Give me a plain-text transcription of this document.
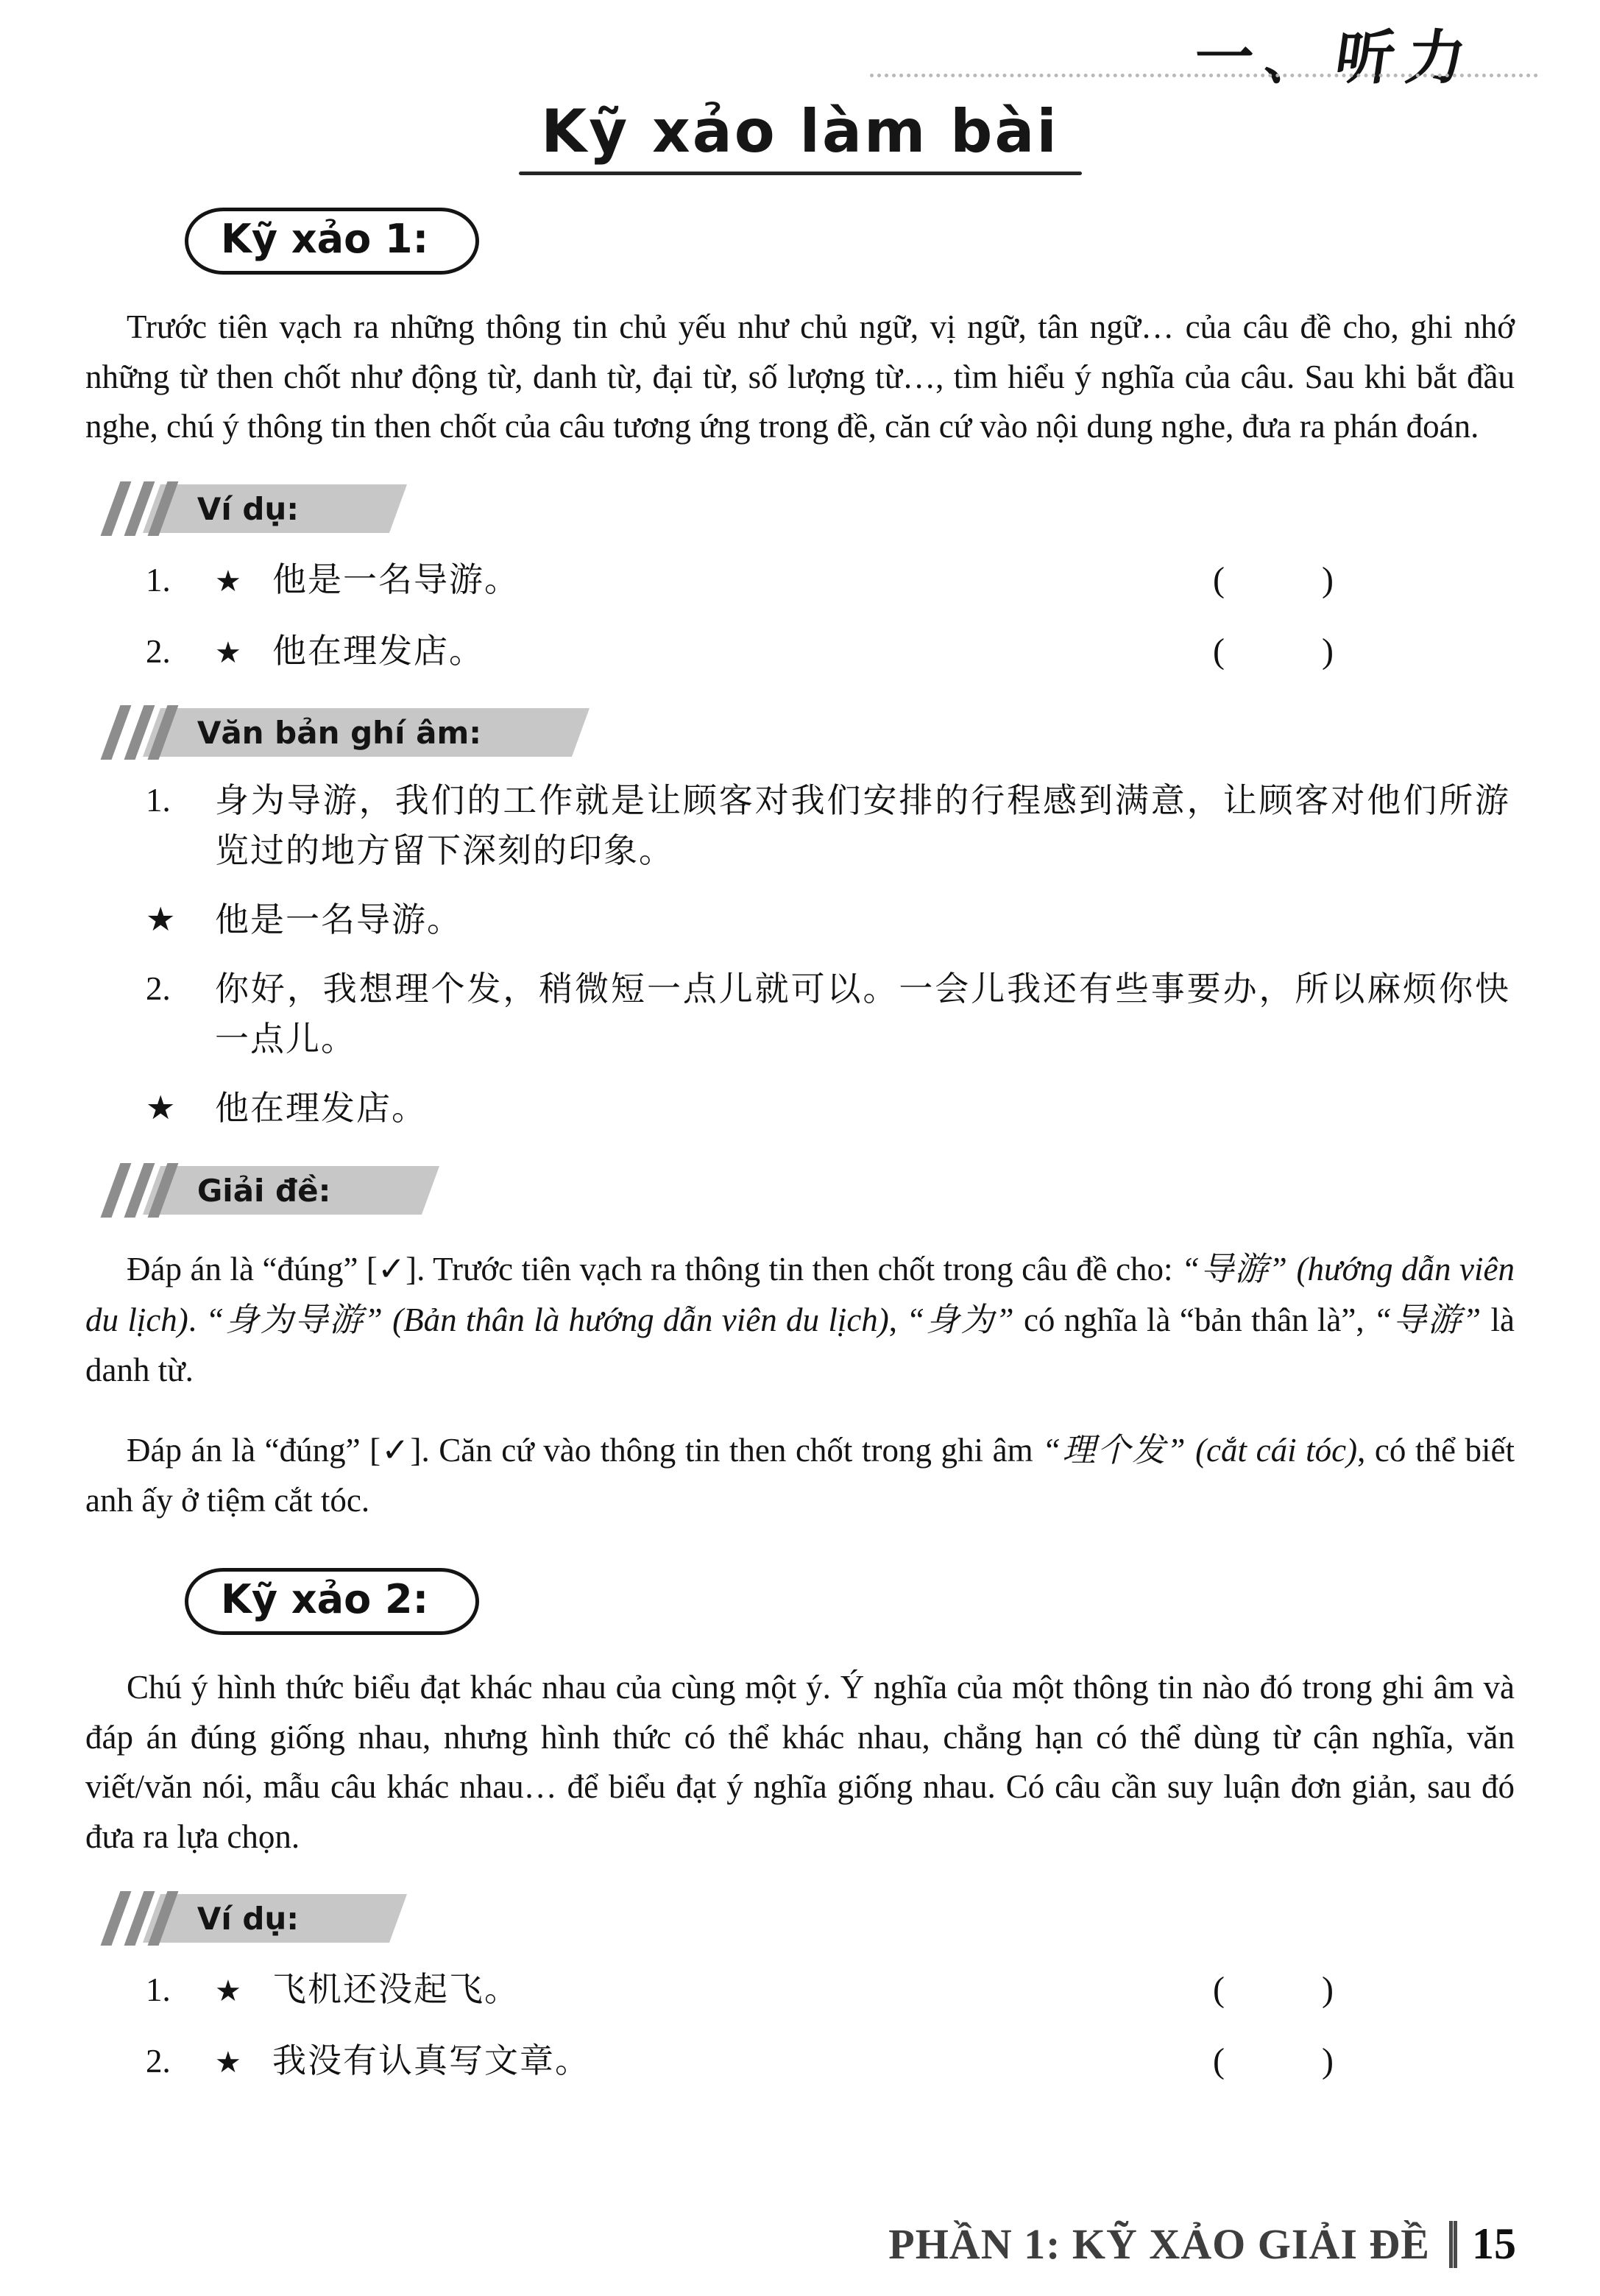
一、听力
Kỹ xảo làm bài
Kỹ xảo 1:

Trước tiên vạch ra những thông tin chủ yếu như chủ ngữ, vị ngữ, tân ngữ… của câu đề cho, ghi nhớ những từ then chốt như động từ, danh từ, đại từ, số lượng từ…, tìm hiểu ý nghĩa của câu. Sau khi bắt đầu nghe, chú ý thông tin then chốt của câu tương ứng trong đề, căn cứ vào nội dung nghe, đưa ra phán đoán.

Ví dụ:
1.	★ 他是一名导游。	(        )
2.	★ 他在理发店。	(        )
Văn bản ghí âm:
1.	身为导游，我们的工作就是让顾客对我们安排的行程感到满意，让顾客对他们所游览过的地方留下深刻的印象。
★	他是一名导游。
2.	你好，我想理个发，稍微短一点儿就可以。一会儿我还有些事要办，所以麻烦你快一点儿。
★	他在理发店。
Giải đề:

Đáp án là “đúng” [✓]. Trước tiên vạch ra thông tin then chốt trong câu đề cho: “导游” (hướng dẫn viên du lịch). “身为导游” (Bản thân là hướng dẫn viên du lịch), “身为” có nghĩa là “bản thân là”, “导游” là danh từ.

Đáp án là “đúng” [✓]. Căn cứ vào thông tin then chốt trong ghi âm “理个发” (cắt cái tóc), có thể biết anh ấy ở tiệm cắt tóc.

Kỹ xảo 2:

Chú ý hình thức biểu đạt khác nhau của cùng một ý. Ý nghĩa của một thông tin nào đó trong ghi âm và đáp án đúng giống nhau, nhưng hình thức có thể khác nhau, chẳng hạn có thể dùng từ cận nghĩa, văn viết/văn nói, mẫu câu khác nhau… để biểu đạt ý nghĩa giống nhau. Có câu cần suy luận đơn giản, sau đó đưa ra lựa chọn.

Ví dụ:
1.	★ 飞机还没起飞。	(        )
2.	★ 我没有认真写文章。	(        )
PHẦN 1: KỸ XẢO GIẢI ĐỀ 15
